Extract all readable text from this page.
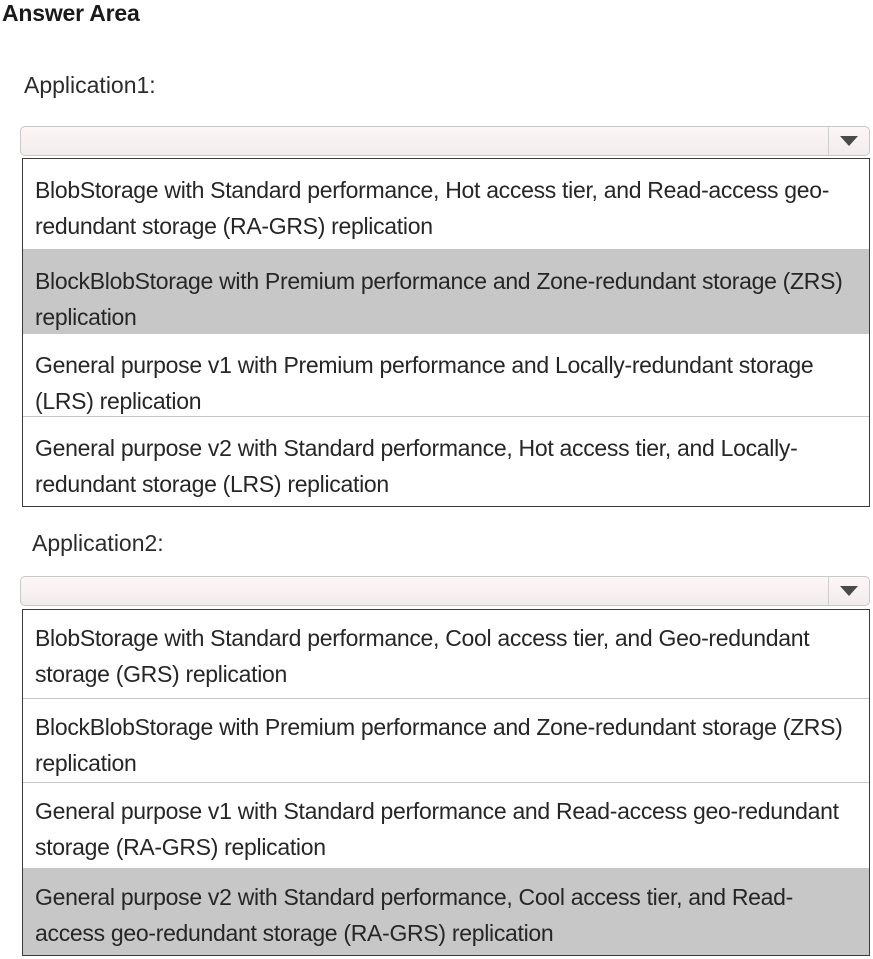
Answer Area
Application1:
BlobStorage with Standard performance, Hot access tier, and Read-access geo-redundant storage (RA-GRS) replication
BlockBlobStorage with Premium performance and Zone-redundant storage (ZRS) replication
General purpose v1 with Premium performance and Locally-redundant storage (LRS) replication
General purpose v2 with Standard performance, Hot access tier, and Locally-redundant storage (LRS) replication
Application2:
BlobStorage with Standard performance, Cool access tier, and Geo-redundant storage (GRS) replication
BlockBlobStorage with Premium performance and Zone-redundant storage (ZRS) replication
General purpose v1 with Standard performance and Read-access geo-redundant storage (RA-GRS) replication
General purpose v2 with Standard performance, Cool access tier, and Read-access geo-redundant storage (RA-GRS) replication
